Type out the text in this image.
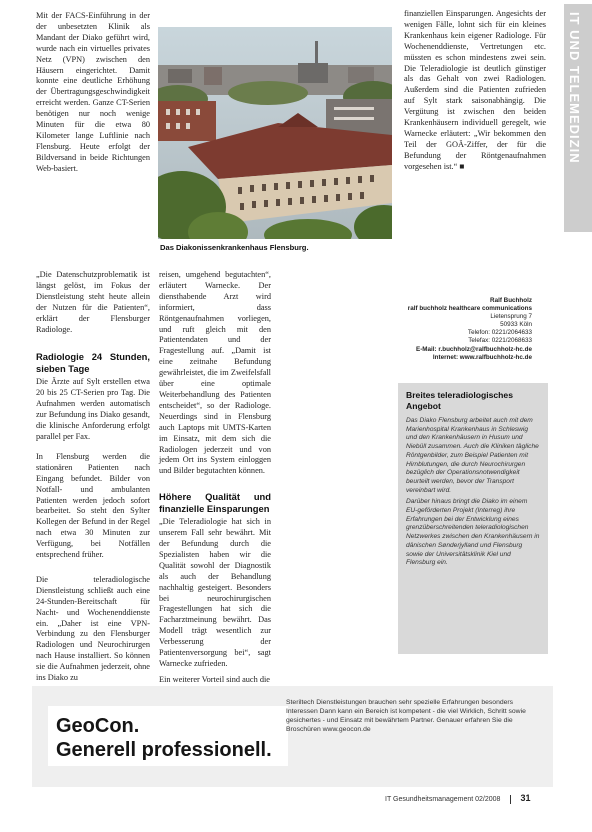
Mit der FACS-Einführung in der der unbesetzten Klinik als Mandant der Diako geführt wird, wurde nach ein virtuelles privates Netz (VPN) zwischen den Häusern eingerichtet. Damit konnte eine deutliche Erhöhung der Übertragungsgeschwindigkeit erreicht werden. Ganze CT-Serien benötigen nur noch wenige Minuten für die etwa 80 Kilometer lange Luftlinie nach Flensburg. Heute erfolgt der Bildversand in beide Richtungen Web-basiert.

Das Diakonissenkrankenhaus Flensburg.
IT UND TELEMEDIZIN

„Die Datenschutzproblematik ist längst gelöst, im Fokus der Dienstleistung steht heute allein der Nutzen für die Patienten“, erklärt der Flensburger Radiologe.

Radiologie 24 Stunden, sieben Tage

Die Ärzte auf Sylt erstellen etwa 20 bis 25 CT-Serien pro Tag. Die Aufnahmen werden automatisch zur Befundung ins Diako gesandt, die klinische Anforderung erfolgt parallel per Fax.

In Flensburg werden die stationären Patienten nach Eingang befundet. Bilder von Notfall- und ambulanten Patienten werden jedoch sofort bearbeitet. So steht den Sylter Kollegen der Befund in der Regel nach etwa 30 Minuten zur Verfügung, bei Notfällen entsprechend früher.

Die teleradiologische Dienstleistung schließt auch eine 24-Stunden-Bereitschaft für Nacht- und Wochenenddienste ein. „Daher ist eine VPN-Verbindung zu den Flensburger Radiologen und Neurochirurgen nach Hause installiert. So können sie die Aufnahmen jederzeit, ohne ins Diako zu

reisen, umgehend begutachten“, erläutert Warnecke. Der diensthabende Arzt wird informiert, dass Röntgenaufnahmen vorliegen, und ruft gleich mit den Patientendaten und der Fragestellung auf. „Damit ist eine zeitnahe Befundung gewährleistet, die im Zweifelsfall über eine optimale Weiterbehandlung des Patienten entscheidet“, so der Radiologe. Neuerdings sind in Flensburg auch Laptops mit UMTS-Karten im Einsatz, mit dem sich die Radiologen jederzeit und von jedem Ort ins System einloggen und Bilder begutachten können.

Höhere Qualität und finanzielle Einsparungen

„Die Teleradiologie hat sich in unserem Fall sehr bewährt. Mit der Befundung durch die Spezialisten haben wir die Qualität sowohl der Diagnostik als auch der Behandlung nachhaltig gesteigert. Besonders bei neurochirurgischen Fragestellungen hat sich die Facharztmeinung bewährt. Das Modell trägt wesentlich zur Verbesserung der Patientenversorgung bei“, sagt Warnecke zufrieden.

Ein weiterer Vorteil sind auch die

finanziellen Einsparungen. Angesichts der wenigen Fälle, lohnt sich für ein kleines Krankenhaus kein eigener Radiologe. Für Wochenenddienste, Vertretungen etc. müssten es schon mindestens zwei sein. Die Teleradiologie ist deutlich günstiger als das Gehalt von zwei Radiologen. Außerdem sind die Patienten zufrieden auf Sylt stark saisonabhängig. Die Vergütung ist zwischen den beiden Krankenhäusern individuell geregelt, wie Warnecke erläutert: „Wir bekommen den Teil der GOÄ-Ziffer, der für die Befundung der Röntgenaufnahmen vorgesehen ist.“ ■

Ralf Buchholz
ralf buchholz healthcare communications
Lietensprung 7
50933 Köln
Telefon: 0221/2064633
Telefax: 0221/2068633
E-Mail: r.buchholz@ralfbuchholz-hc.de
Internet: www.ralfbuchholz-hc.de
Breites teleradiologisches Angebot

Das Diako Flensburg arbeitet auch mit dem Marienhospital Krankenhaus in Schleswig und den Krankenhäusern in Husum und Niebüll zusammen. Auch die Kliniken tägliche Röntgenbilder, zum Beispiel Patienten mit Hirnblutungen, die durch Neurochirurgen bezüglich der Operationsnotwendigkeit beurteilt werden, bevor der Transport vereinbart wird.

Darüber hinaus bringt die Diako im einem EU-geförderten Projekt (Interreg) ihre Erfahrungen bei der Entwicklung eines grenzüberschreitenden teleradiologischen Netzwerkes zwischen den Krankenhäusern in dänischen Sønderjylland und Flensburg sowie der Universitätsklinik Kiel und Flensburg ein.

GeoCon.
Generell professionell.
Steriltech Dienstleistungen brauchen sehr spezielle Erfahrungen besonders Interessen Dann kann ein Bereich ist kompetent - die viel Wirklich, Schritt sowie gesichertes - und Einsatz mit bewährtem Partner. Genauer erfahren Sie die Broschüren www.geocon.de
IT Gesundheitsmanagement 02/2008 31
